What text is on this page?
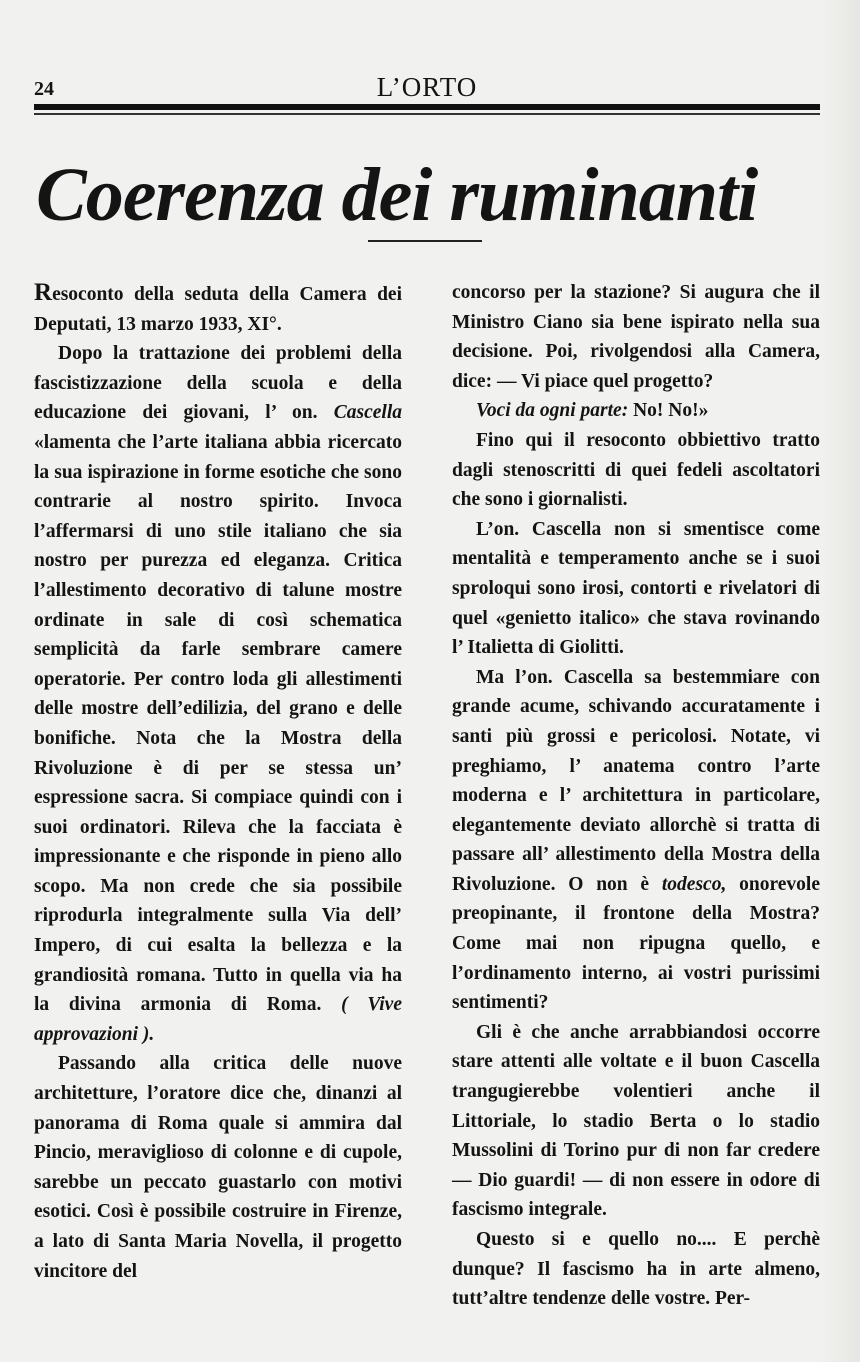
24	L’ORTO
Coerenza dei ruminanti

Resoconto della seduta della Camera dei Deputati, 13 marzo 1933, XI°.

Dopo la trattazione dei problemi della fascistizzazione della scuola e della educazione dei giovani, l’ on. Cascella «lamenta che l’arte italiana abbia ricercato la sua ispirazione in forme esotiche che sono contrarie al nostro spirito. Invoca l’affermarsi di uno stile italiano che sia nostro per purezza ed eleganza. Critica l’allestimento decorativo di talune mostre ordinate in sale di così schematica semplicità da farle sembrare camere operatorie. Per contro loda gli allestimenti delle mostre dell’edilizia, del grano e delle bonifiche. Nota che la Mostra della Rivoluzione è di per se stessa un’ espressione sacra. Si compiace quindi con i suoi ordinatori. Rileva che la facciata è impressionante e che risponde in pieno allo scopo. Ma non crede che sia possibile riprodurla integralmente sulla Via dell’ Impero, di cui esalta la bellezza e la grandiosità romana. Tutto in quella via ha la divina armonia di Roma. ( Vive approvazioni ).

Passando alla critica delle nuove architetture, l’oratore dice che, dinanzi al panorama di Roma quale si ammira dal Pincio, meraviglioso di colonne e di cupole, sarebbe un peccato guastarlo con motivi esotici. Così è possibile costruire in Firenze, a lato di Santa Maria Novella, il progetto vincitore del

concorso per la stazione? Si augura che il Ministro Ciano sia bene ispirato nella sua decisione. Poi, rivolgendosi alla Camera, dice: — Vi piace quel progetto?

Voci da ogni parte: No! No!»

Fino qui il resoconto obbiettivo tratto dagli stenoscritti di quei fedeli ascoltatori che sono i giornalisti.

L’on. Cascella non si smentisce come mentalità e temperamento anche se i suoi sproloqui sono irosi, contorti e rivelatori di quel «genietto italico» che stava rovinando l’ Italietta di Giolitti.

Ma l’on. Cascella sa bestemmiare con grande acume, schivando accuratamente i santi più grossi e pericolosi. Notate, vi preghiamo, l’ anatema contro l’arte moderna e l’ architettura in particolare, elegantemente deviato allorchè si tratta di passare all’ allestimento della Mostra della Rivoluzione. O non è todesco, onorevole preopinante, il frontone della Mostra? Come mai non ripugna quello, e l’ordinamento interno, ai vostri purissimi sentimenti?

Gli è che anche arrabbiandosi occorre stare attenti alle voltate e il buon Cascella trangugierebbe volentieri anche il Littoriale, lo stadio Berta o lo stadio Mussolini di Torino pur di non far credere — Dio guardi! — di non essere in odore di fascismo integrale.

Questo si e quello no.... E perchè dunque? Il fascismo ha in arte almeno, tutt’altre tendenze delle vostre. Per-
